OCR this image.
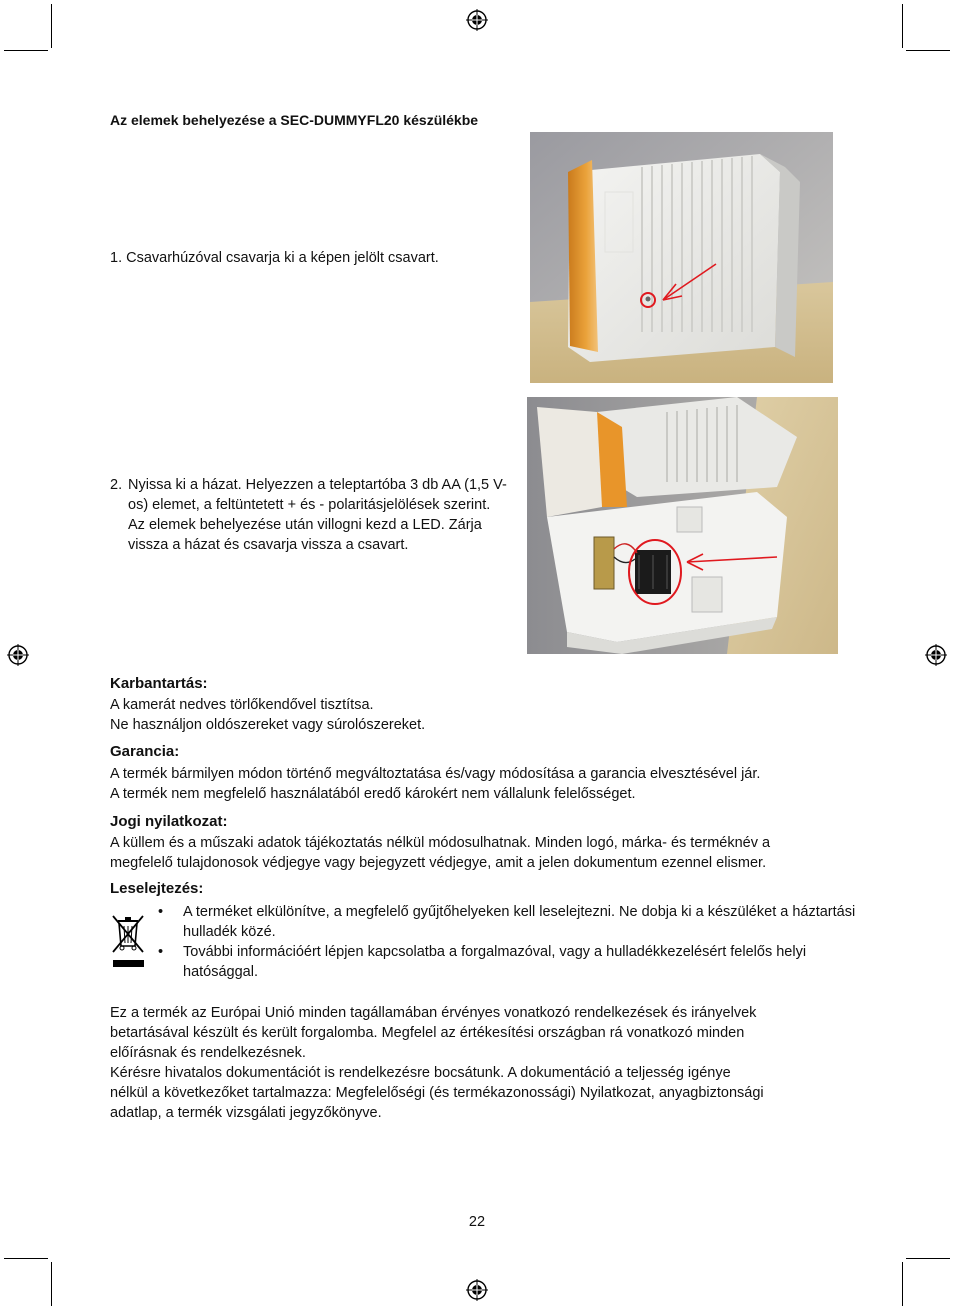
Az elemek behelyezése a SEC-DUMMYFL20 készülékbe
1. Csavarhúzóval csavarja ki a képen jelölt csavart.
2. Nyissa ki a házat. Helyezzen a teleptartóba 3 db AA (1,5 V-os) elemet, a feltüntetett + és - polaritásjelölések szerint. Az elemek behelyezése után villogni kezd a LED. Zárja vissza a házat és csavarja vissza a csavart.
Karbantartás:

A kamerát nedves törlőkendővel tisztítsa.

Ne használjon oldószereket vagy súrolószereket.

Garancia:

A termék bármilyen módon történő megváltoztatása és/vagy módosítása a garancia elvesztésével jár.

A termék nem megfelelő használatából eredő károkért nem vállalunk felelősséget.

Jogi nyilatkozat:

A küllem és a műszaki adatok tájékoztatás nélkül módosulhatnak. Minden logó, márka- és terméknév a

megfelelő tulajdonosok védjegye vagy bejegyzett védjegye, amit a jelen dokumentum ezennel elismer.

Leselejtezés:
• A terméket elkülönítve, a megfelelő gyűjtőhelyeken kell leselejtezni. Ne dobja ki a készüléket a háztartási hulladék közé.
• További információért lépjen kapcsolatba a forgalmazóval, vagy a hulladékkezelésért felelős helyi hatósággal.

Ez a termék az Európai Unió minden tagállamában érvényes vonatkozó rendelkezések és irányelvek

betartásával készült és került forgalomba. Megfelel az értékesítési országban rá vonatkozó minden

előírásnak és rendelkezésnek.

Kérésre hivatalos dokumentációt is rendelkezésre bocsátunk. A dokumentáció a teljesség igénye

nélkül a következőket tartalmazza: Megfelelőségi (és termékazonossági) Nyilatkozat, anyagbiztonsági

adatlap, a termék vizsgálati jegyzőkönyve.

22
